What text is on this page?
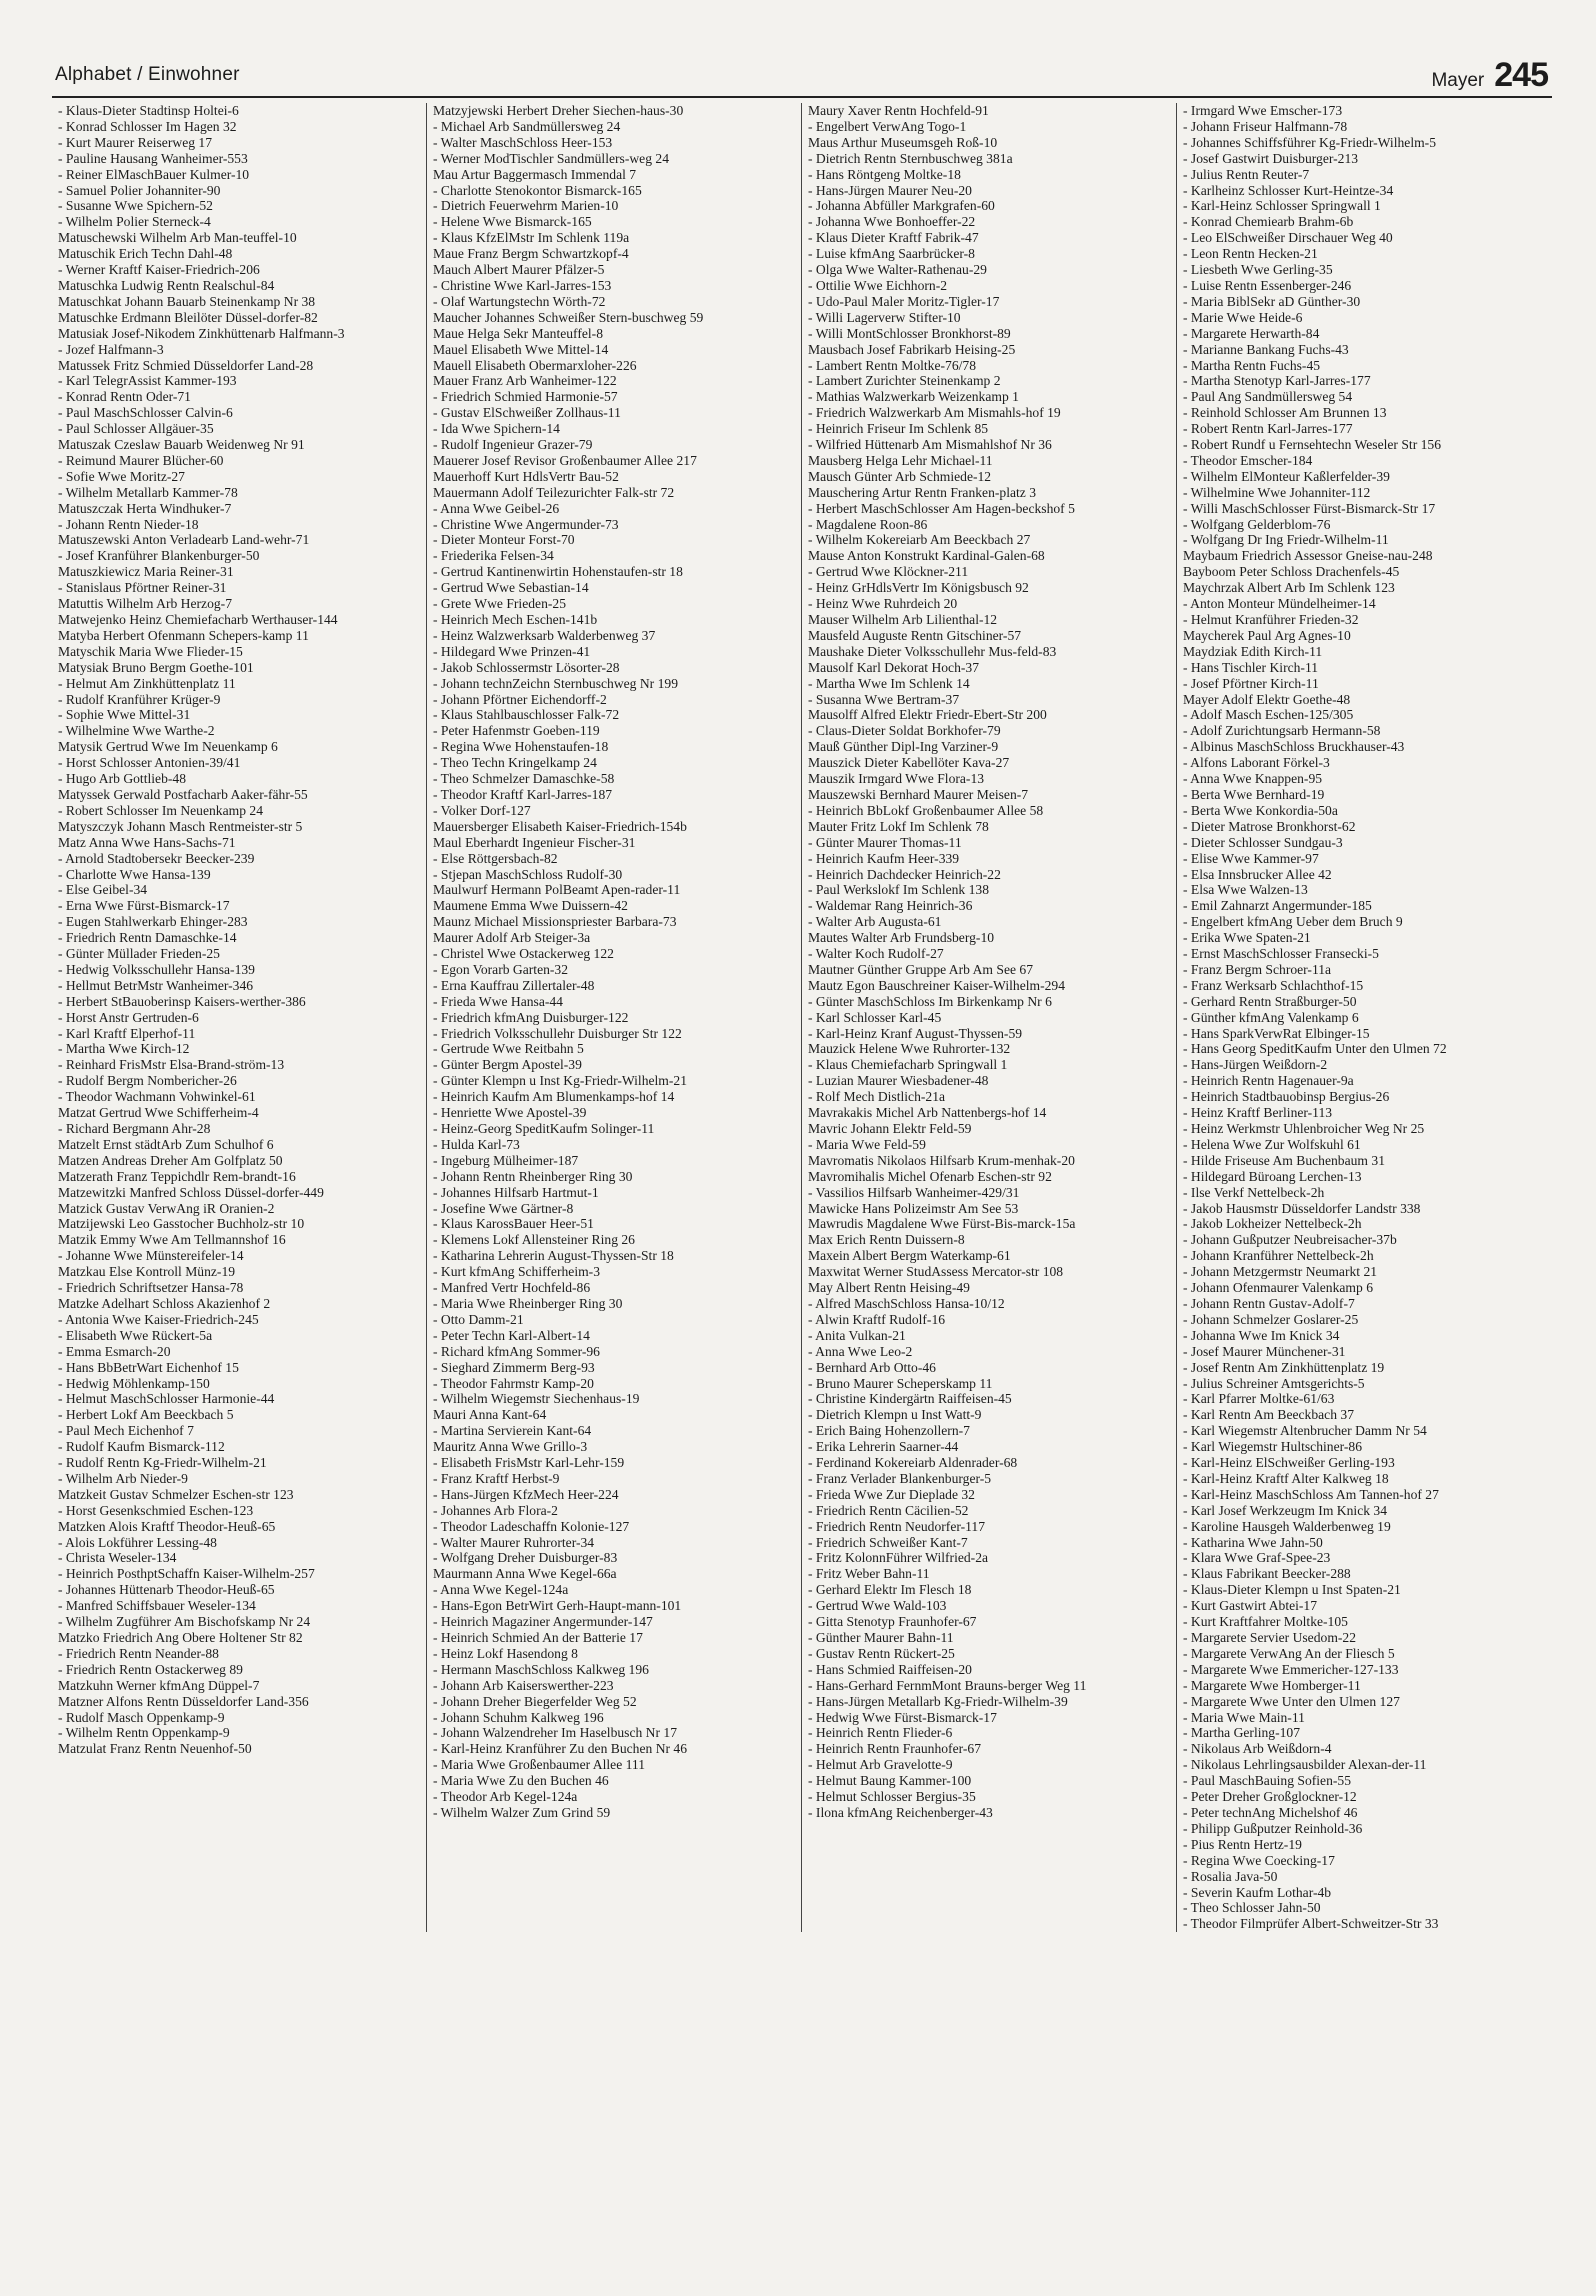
Alphabet / Einwohner	Mayer 245
- Klaus-Dieter Stadtinsp Holtei-6
- Konrad Schlosser Im Hagen 32
- Kurt Maurer Reiserweg 17
- Pauline Hausang Wanheimer-553
- Reiner ElMaschBauer Kulmer-10
- Samuel Polier Johanniter-90
- Susanne Wwe Spichern-52
- Wilhelm Polier Sterneck-4
Matuschewski Wilhelm Arb Man-teuffel-10
Matuschik Erich Techn Dahl-48
- Werner Kraftf Kaiser-Friedrich-206
Matuschka Ludwig Rentn Realschul-84
Matuschkat Johann Bauarb Steinenkamp Nr 38
Matuschke Erdmann Bleilöter Düssel-dorfer-82
Matusiak Josef-Nikodem Zinkhüttenarb Halfmann-3
- Jozef Halfmann-3
Matussek Fritz Schmied Düsseldorfer Land-28
- Karl TelegrAssist Kammer-193
- Konrad Rentn Oder-71
- Paul MaschSchlosser Calvin-6
- Paul Schlosser Allgäuer-35
Matuszak Czeslaw Bauarb Weidenweg Nr 91
- Reimund Maurer Blücher-60
- Sofie Wwe Moritz-27
- Wilhelm Metallarb Kammer-78
Matuszczak Herta Windhuker-7
- Johann Rentn Nieder-18
Matuszewski Anton Verladearb Land-wehr-71
- Josef Kranführer Blankenburger-50
Matuszkiewicz Maria Reiner-31
- Stanislaus Pförtner Reiner-31
Matuttis Wilhelm Arb Herzog-7
Matwejenko Heinz Chemiefacharb Werthauser-144
Matyba Herbert Ofenmann Schepers-kamp 11
Matyschik Maria Wwe Flieder-15
Matysiak Bruno Bergm Goethe-101
- Helmut Am Zinkhüttenplatz 11
- Rudolf Kranführer Krüger-9
- Sophie Wwe Mittel-31
- Wilhelmine Wwe Warthe-2
Matysik Gertrud Wwe Im Neuenkamp 6
- Horst Schlosser Antonien-39/41
- Hugo Arb Gottlieb-48
Matyssek Gerwald Postfacharb Aaker-fähr-55
- Robert Schlosser Im Neuenkamp 24
Matyszczyk Johann Masch Rentmeister-str 5
Matz Anna Wwe Hans-Sachs-71
- Arnold Stadtobersekr Beecker-239
- Charlotte Wwe Hansa-139
- Else Geibel-34
- Erna Wwe Fürst-Bismarck-17
- Eugen Stahlwerkarb Ehinger-283
- Friedrich Rentn Damaschke-14
- Günter Müllader Frieden-25
- Hedwig Volksschullehr Hansa-139
- Hellmut BetrMstr Wanheimer-346
- Herbert StBauoberinsp Kaisers-werther-386
- Horst Anstr Gertruden-6
- Karl Kraftf Elperhof-11
- Martha Wwe Kirch-12
- Reinhard FrisMstr Elsa-Brand-ström-13
- Rudolf Bergm Nombericher-26
- Theodor Wachmann Vohwinkel-61
Matzat Gertrud Wwe Schifferheim-4
- Richard Bergmann Ahr-28
Matzelt Ernst städtArb Zum Schulhof 6
Matzen Andreas Dreher Am Golfplatz 50
Matzerath Franz Teppichdlr Rem-brandt-16
Matzewitzki Manfred Schloss Düssel-dorfer-449
Matzick Gustav VerwAng iR Oranien-2
Matzijewski Leo Gasstocher Buchholz-str 10
Matzik Emmy Wwe Am Tellmannshof 16
- Johanne Wwe Münstereifeler-14
Matzkau Else Kontroll Münz-19
- Friedrich Schriftsetzer Hansa-78
Matzke Adelhart Schloss Akazienhof 2
- Antonia Wwe Kaiser-Friedrich-245
- Elisabeth Wwe Rückert-5a
- Emma Esmarch-20
- Hans BbBetrWart Eichenhof 15
- Hedwig Möhlenkamp-150
- Helmut MaschSchlosser Harmonie-44
- Herbert Lokf Am Beeckbach 5
- Paul Mech Eichenhof 7
- Rudolf Kaufm Bismarck-112
- Rudolf Rentn Kg-Friedr-Wilhelm-21
- Wilhelm Arb Nieder-9
Matzkeit Gustav Schmelzer Eschen-str 123
- Horst Gesenkschmied Eschen-123
Matzken Alois Kraftf Theodor-Heuß-65
- Alois Lokführer Lessing-48
- Christa Weseler-134
- Heinrich PosthptSchaffn Kaiser-Wilhelm-257
- Johannes Hüttenarb Theodor-Heuß-65
- Manfred Schiffsbauer Weseler-134
- Wilhelm Zugführer Am Bischofskamp Nr 24
Matzko Friedrich Ang Obere Holtener Str 82
- Friedrich Rentn Neander-88
- Friedrich Rentn Ostackerweg 89
Matzkuhn Werner kfmAng Düppel-7
Matzner Alfons Rentn Düsseldorfer Land-356
- Rudolf Masch Oppenkamp-9
- Wilhelm Rentn Oppenkamp-9
Matzulat Franz Rentn Neuenhof-50
Matzyjewski Herbert Dreher Siechen-haus-30
- Michael Arb Sandmüllersweg 24
- Walter MaschSchloss Heer-153
- Werner ModTischler Sandmüllers-weg 24
Mau Artur Baggermasch Immendal 7
- Charlotte Stenokontor Bismarck-165
- Dietrich Feuerwehrm Marien-10
- Helene Wwe Bismarck-165
- Klaus KfzElMstr Im Schlenk 119a
Maue Franz Bergm Schwartzkopf-4
Mauch Albert Maurer Pfälzer-5
- Christine Wwe Karl-Jarres-153
- Olaf Wartungstechn Wörth-72
Maucher Johannes Schweißer Stern-buschweg 59
Maue Helga Sekr Manteuffel-8
Mauel Elisabeth Wwe Mittel-14
Mauell Elisabeth Obermarxloher-226
Mauer Franz Arb Wanheimer-122
- Friedrich Schmied Harmonie-57
- Gustav ElSchweißer Zollhaus-11
- Ida Wwe Spichern-14
- Rudolf Ingenieur Grazer-79
Mauerer Josef Revisor Großenbaumer Allee 217
Mauerhoff Kurt HdlsVertr Bau-52
Mauermann Adolf Teilezurichter Falk-str 72
- Anna Wwe Geibel-26
- Christine Wwe Angermunder-73
- Dieter Monteur Forst-70
- Friederika Felsen-34
- Gertrud Kantinenwirtin Hohenstaufen-str 18
- Gertrud Wwe Sebastian-14
- Grete Wwe Frieden-25
- Heinrich Mech Eschen-141b
- Heinz Walzwerksarb Walderbenweg 37
- Hildegard Wwe Prinzen-41
- Jakob Schlossermstr Lösorter-28
- Johann technZeichn Sternbuschweg Nr 199
- Johann Pförtner Eichendorff-2
- Klaus Stahlbauschlosser Falk-72
- Peter Hafenmstr Goeben-119
- Regina Wwe Hohenstaufen-18
- Theo Techn Kringelkamp 24
- Theo Schmelzer Damaschke-58
- Theodor Kraftf Karl-Jarres-187
- Volker Dorf-127
Mauersberger Elisabeth Kaiser-Friedrich-154b
Maul Eberhardt Ingenieur Fischer-31
- Else Röttgersbach-82
- Stjepan MaschSchloss Rudolf-30
Maulwurf Hermann PolBeamt Apen-rader-11
Maumene Emma Wwe Duissern-42
Maunz Michael Missionspriester Barbara-73
Maurer Adolf Arb Steiger-3a
- Christel Wwe Ostackerweg 122
- Egon Vorarb Garten-32
- Erna Kauffrau Zillertaler-48
- Frieda Wwe Hansa-44
- Friedrich kfmAng Duisburger-122
- Friedrich Volksschullehr Duisburger Str 122
- Gertrude Wwe Reitbahn 5
- Günter Bergm Apostel-39
- Günter Klempn u Inst Kg-Friedr-Wilhelm-21
- Heinrich Kaufm Am Blumenkamps-hof 14
- Henriette Wwe Apostel-39
- Heinz-Georg SpeditKaufm Solinger-11
- Hulda Karl-73
- Ingeburg Mülheimer-187
- Johann Rentn Rheinberger Ring 30
- Johannes Hilfsarb Hartmut-1
- Josefine Wwe Gärtner-8
- Klaus KarossBauer Heer-51
- Klemens Lokf Allensteiner Ring 26
- Katharina Lehrerin August-Thyssen-Str 18
- Kurt kfmAng Schifferheim-3
- Manfred Vertr Hochfeld-86
- Maria Wwe Rheinberger Ring 30
- Otto Damm-21
- Peter Techn Karl-Albert-14
- Richard kfmAng Sommer-96
- Sieghard Zimmerm Berg-93
- Theodor Fahrmstr Kamp-20
- Wilhelm Wiegemstr Siechenhaus-19
Mauri Anna Kant-64
- Martina Servierein Kant-64
Mauritz Anna Wwe Grillo-3
- Elisabeth FrisMstr Karl-Lehr-159
- Franz Kraftf Herbst-9
- Hans-Jürgen KfzMech Heer-224
- Johannes Arb Flora-2
- Theodor Ladeschaffn Kolonie-127
- Walter Maurer Ruhrorter-34
- Wolfgang Dreher Duisburger-83
Maurmann Anna Wwe Kegel-66a
- Anna Wwe Kegel-124a
- Hans-Egon BetrWirt Gerh-Haupt-mann-101
- Heinrich Magaziner Angermunder-147
- Heinrich Schmied An der Batterie 17
- Heinz Lokf Hasendong 8
- Hermann MaschSchloss Kalkweg 196
- Johann Arb Kaiserswerther-223
- Johann Dreher Biegerfelder Weg 52
- Johann Schuhm Kalkweg 196
- Johann Walzendreher Im Haselbusch Nr 17
- Karl-Heinz Kranführer Zu den Buchen Nr 46
- Maria Wwe Großenbaumer Allee 111
- Maria Wwe Zu den Buchen 46
- Theodor Arb Kegel-124a
- Wilhelm Walzer Zum Grind 59
Maury Xaver Rentn Hochfeld-91
- Engelbert VerwAng Togo-1
Maus Arthur Museumsgeh Roß-10
- Dietrich Rentn Sternbuschweg 381a
- Hans Röntgeng Moltke-18
- Hans-Jürgen Maurer Neu-20
- Johanna Abfüller Markgrafen-60
- Johanna Wwe Bonhoeffer-22
- Klaus Dieter Kraftf Fabrik-47
- Luise kfmAng Saarbrücker-8
- Olga Wwe Walter-Rathenau-29
- Ottilie Wwe Eichhorn-2
- Udo-Paul Maler Moritz-Tigler-17
- Willi Lagerverw Stifter-10
- Willi MontSchlosser Bronkhorst-89
Mausbach Josef Fabrikarb Heising-25
- Lambert Rentn Moltke-76/78
- Lambert Zurichter Steinenkamp 2
- Mathias Walzwerkarb Weizenkamp 1
- Friedrich Walzwerkarb Am Mismahls-hof 19
- Heinrich Friseur Im Schlenk 85
- Wilfried Hüttenarb Am Mismahlshof Nr 36
Mausberg Helga Lehr Michael-11
Mausch Günter Arb Schmiede-12
Mauschering Artur Rentn Franken-platz 3
- Herbert MaschSchlosser Am Hagen-beckshof 5
- Magdalene Roon-86
- Wilhelm Kokereiarb Am Beeckbach 27
Mause Anton Konstrukt Kardinal-Galen-68
- Gertrud Wwe Klöckner-211
- Heinz GrHdlsVertr Im Königsbusch 92
- Heinz Wwe Ruhrdeich 20
Mauser Wilhelm Arb Lilienthal-12
Mausfeld Auguste Rentn Gitschiner-57
Maushake Dieter Volksschullehr Mus-feld-83
Mausolf Karl Dekorat Hoch-37
- Martha Wwe Im Schlenk 14
- Susanna Wwe Bertram-37
Mausolff Alfred Elektr Friedr-Ebert-Str 200
- Claus-Dieter Soldat Borkhofer-79
Mauß Günther Dipl-Ing Varziner-9
Mauszick Dieter Kabellöter Kava-27
Mauszik Irmgard Wwe Flora-13
Mauszewski Bernhard Maurer Meisen-7
- Heinrich BbLokf Großenbaumer Allee 58
Mauter Fritz Lokf Im Schlenk 78
- Günter Maurer Thomas-11
- Heinrich Kaufm Heer-339
- Heinrich Dachdecker Heinrich-22
- Paul Werkslokf Im Schlenk 138
- Waldemar Rang Heinrich-36
- Walter Arb Augusta-61
Mautes Walter Arb Frundsberg-10
- Walter Koch Rudolf-27
Mautner Günther Gruppe Arb Am See 67
Mautz Egon Bauschreiner Kaiser-Wilhelm-294
- Günter MaschSchloss Im Birkenkamp Nr 6
- Karl Schlosser Karl-45
- Karl-Heinz Kranf August-Thyssen-59
Mauzick Helene Wwe Ruhrorter-132
- Klaus Chemiefacharb Springwall 1
- Luzian Maurer Wiesbadener-48
- Rolf Mech Distlich-21a
Mavrakakis Michel Arb Nattenbergs-hof 14
Mavric Johann Elektr Feld-59
- Maria Wwe Feld-59
Mavromatis Nikolaos Hilfsarb Krum-menhak-20
Mavromihalis Michel Ofenarb Eschen-str 92
- Vassilios Hilfsarb Wanheimer-429/31
Mawicke Hans Polizeimstr Am See 53
Mawrudis Magdalene Wwe Fürst-Bis-marck-15a
Max Erich Rentn Duissern-8
Maxein Albert Bergm Waterkamp-61
Maxwitat Werner StudAssess Mercator-str 108
May Albert Rentn Heising-49
- Alfred MaschSchloss Hansa-10/12
- Alwin Kraftf Rudolf-16
- Anita Vulkan-21
- Anna Wwe Leo-2
- Bernhard Arb Otto-46
- Bruno Maurer Scheperskamp 11
- Christine Kindergärtn Raiffeisen-45
- Dietrich Klempn u Inst Watt-9
- Erich Baing Hohenzollern-7
- Erika Lehrerin Saarner-44
- Ferdinand Kokereiarb Aldenrader-68
- Franz Verlader Blankenburger-5
- Frieda Wwe Zur Dieplade 32
- Friedrich Rentn Cäcilien-52
- Friedrich Rentn Neudorfer-117
- Friedrich Schweißer Kant-7
- Fritz KolonnFührer Wilfried-2a
- Fritz Weber Bahn-11
- Gerhard Elektr Im Flesch 18
- Gertrud Wwe Wald-103
- Gitta Stenotyp Fraunhofer-67
- Günther Maurer Bahn-11
- Gustav Rentn Rückert-25
- Hans Schmied Raiffeisen-20
- Hans-Gerhard FernmMont Brauns-berger Weg 11
- Hans-Jürgen Metallarb Kg-Friedr-Wilhelm-39
- Hedwig Wwe Fürst-Bismarck-17
- Heinrich Rentn Flieder-6
- Heinrich Rentn Fraunhofer-67
- Helmut Arb Gravelotte-9
- Helmut Baung Kammer-100
- Helmut Schlosser Bergius-35
- Ilona kfmAng Reichenberger-43
- Irmgard Wwe Emscher-173
- Johann Friseur Halfmann-78
- Johannes Schiffsführer Kg-Friedr-Wilhelm-5
- Josef Gastwirt Duisburger-213
- Julius Rentn Reuter-7
- Karlheinz Schlosser Kurt-Heintze-34
- Karl-Heinz Schlosser Springwall 1
- Konrad Chemiearb Brahm-6b
- Leo ElSchweißer Dirschauer Weg 40
- Leon Rentn Hecken-21
- Liesbeth Wwe Gerling-35
- Luise Rentn Essenberger-246
- Maria BiblSekr aD Günther-30
- Marie Wwe Heide-6
- Margarete Herwarth-84
- Marianne Bankang Fuchs-43
- Martha Rentn Fuchs-45
- Martha Stenotyp Karl-Jarres-177
- Paul Ang Sandmüllersweg 54
- Reinhold Schlosser Am Brunnen 13
- Robert Rentn Karl-Jarres-177
- Robert Rundf u Fernsehtechn Weseler Str 156
- Theodor Emscher-184
- Wilhelm ElMonteur Kaßlerfelder-39
- Wilhelmine Wwe Johanniter-112
- Willi MaschSchlosser Fürst-Bismarck-Str 17
- Wolfgang Gelderblom-76
- Wolfgang Dr Ing Friedr-Wilhelm-11
Maybaum Friedrich Assessor Gneise-nau-248
Bayboom Peter Schloss Drachenfels-45
Maychrzak Albert Arb Im Schlenk 123
- Anton Monteur Mündelheimer-14
- Helmut Kranführer Frieden-32
Maycherek Paul Arg Agnes-10
Maydziak Edith Kirch-11
- Hans Tischler Kirch-11
- Josef Pförtner Kirch-11
Mayer Adolf Elektr Goethe-48
- Adolf Masch Eschen-125/305
- Adolf Zurichtungsarb Hermann-58
- Albinus MaschSchloss Bruckhauser-43
- Alfons Laborant Förkel-3
- Anna Wwe Knappen-95
- Berta Wwe Bernhard-19
- Berta Wwe Konkordia-50a
- Dieter Matrose Bronkhorst-62
- Dieter Schlosser Sundgau-3
- Elise Wwe Kammer-97
- Elsa Innsbrucker Allee 42
- Elsa Wwe Walzen-13
- Emil Zahnarzt Angermunder-185
- Engelbert kfmAng Ueber dem Bruch 9
- Erika Wwe Spaten-21
- Ernst MaschSchlosser Fransecki-5
- Franz Bergm Schroer-11a
- Franz Werksarb Schlachthof-15
- Gerhard Rentn Straßburger-50
- Günther kfmAng Valenkamp 6
- Hans SparkVerwRat Elbinger-15
- Hans Georg SpeditKaufm Unter den Ulmen 72
- Hans-Jürgen Weißdorn-2
- Heinrich Rentn Hagenauer-9a
- Heinrich Stadtbauobinsp Bergius-26
- Heinz Kraftf Berliner-113
- Heinz Werkmstr Uhlenbroicher Weg Nr 25
- Helena Wwe Zur Wolfskuhl 61
- Hilde Friseuse Am Buchenbaum 31
- Hildegard Büroang Lerchen-13
- Ilse Verkf Nettelbeck-2h
- Jakob Hausmstr Düsseldorfer Landstr 338
- Jakob Lokheizer Nettelbeck-2h
- Johann Gußputzer Neubreisacher-37b
- Johann Kranführer Nettelbeck-2h
- Johann Metzgermstr Neumarkt 21
- Johann Ofenmaurer Valenkamp 6
- Johann Rentn Gustav-Adolf-7
- Johann Schmelzer Goslarer-25
- Johanna Wwe Im Knick 34
- Josef Maurer Münchener-31
- Josef Rentn Am Zinkhüttenplatz 19
- Julius Schreiner Amtsgerichts-5
- Karl Pfarrer Moltke-61/63
- Karl Rentn Am Beeckbach 37
- Karl Wiegemstr Altenbrucher Damm Nr 54
- Karl Wiegemstr Hultschiner-86
- Karl-Heinz ElSchweißer Gerling-193
- Karl-Heinz Kraftf Alter Kalkweg 18
- Karl-Heinz MaschSchloss Am Tannen-hof 27
- Karl Josef Werkzeugm Im Knick 34
- Karoline Hausgeh Walderbenweg 19
- Katharina Wwe Jahn-50
- Klara Wwe Graf-Spee-23
- Klaus Fabrikant Beecker-288
- Klaus-Dieter Klempn u Inst Spaten-21
- Kurt Gastwirt Abtei-17
- Kurt Kraftfahrer Moltke-105
- Margarete Servier Usedom-22
- Margarete VerwAng An der Fliesch 5
- Margarete Wwe Emmericher-127-133
- Margarete Wwe Homberger-11
- Margarete Wwe Unter den Ulmen 127
- Maria Wwe Main-11
- Martha Gerling-107
- Nikolaus Arb Weißdorn-4
- Nikolaus Lehrlingsausbilder Alexan-der-11
- Paul MaschBauing Sofien-55
- Peter Dreher Großglockner-12
- Peter technAng Michelshof 46
- Philipp Gußputzer Reinhold-36
- Pius Rentn Hertz-19
- Regina Wwe Coecking-17
- Rosalia Java-50
- Severin Kaufm Lothar-4b
- Theo Schlosser Jahn-50
- Theodor Filmprüfer Albert-Schweitzer-Str 33
